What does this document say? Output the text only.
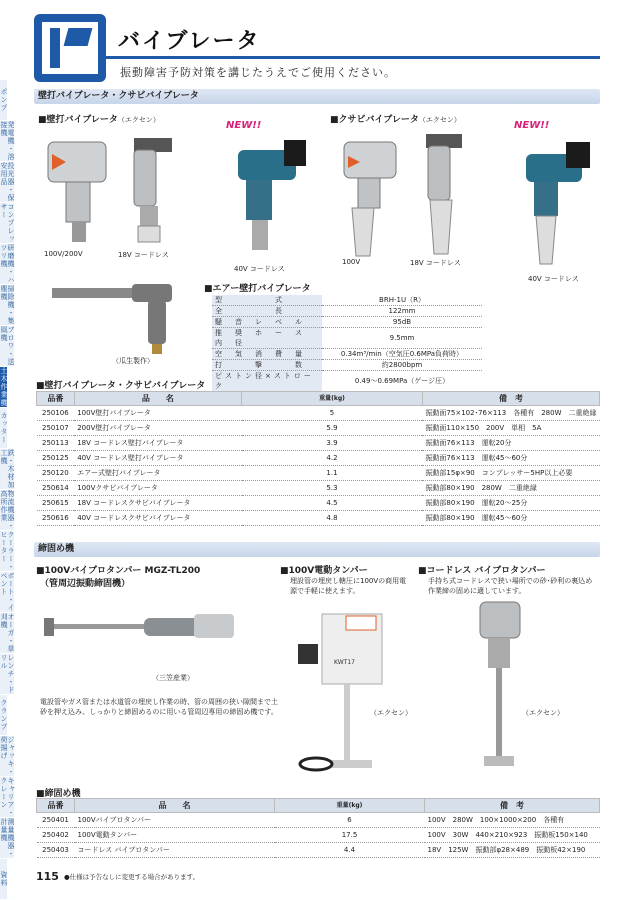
ポンプ
発電機・溶接機
投光器・保安用品
コンプレッサー
研磨機・ハツリ機
掃除機・集塵機
ブロワ・送風機
土木作業機
カッター
鉄・木材加工機
物流機器・高所作業
クーラー・ヒーター
ボート・イベント
オーガ・草刈機
レンチ・ドリル
クランプ
ジャッキ・荷揚げ
キャリア・クレーン
測量機器・計量機
資料
バイブレータ
振動障害予防対策を講じたうえでご使用ください。
壁打バイブレータ・クサビバイブレータ
■壁打バイブレータ（エクセン）	■クサビバイブレータ（エクセン）
NEW!!	NEW!!
100V/200V	18V コードレス
40V コードレス
100V	18V コードレス
40V コードレス
（瓜生製作）
■エアー壁打バイブレータ
型　　　　　式	BRH-1U（R）
全　　　　　長	122mm
騒　音　レ　ベ　ル	95dB
推　奨　ホ　ー　ス　内　径	9.5mm
空　気　消　費　量	0.34m³/min（空気圧0.6MPa負荷時）
打　　　撃　　　数	約2800bpm
ピストン径×ストローク	0.49〜0.69MPa（ゲージ圧）
■壁打バイブレータ・クサビバイブレータ
品番	品　　名	重量(kg)	備　考
250106	100V壁打バイブレータ	5	振動面75×102･76×113　各種有　280W　二重絶縁
250107	200V壁打バイブレータ	5.9	振動面110×150　200V　単相　5A
250113	18V コードレス壁打バイブレータ	3.9	振動面76×113　運転20分
250125	40V コードレス壁打バイブレータ	4.2	振動面76×113　運転45〜60分
250120	エアー式壁打バイブレータ	1.1	振動部15φ×90　コンプレッサー5HP以上必要
250614	100Vクサビバイブレータ	5.3	振動部80×190　280W　二重絶縁
250615	18V コードレスクサビバイブレータ	4.5	振動部80×190　運転20〜25分
250616	40V コードレスクサビバイブレータ	4.8	振動部80×190　運転45〜60分
締固め機
■100Vバイブロタンパー MGZ-TL200
（管周辺振動締固機）
（三笠産業）
電設管やガス管または水道管の埋戻し作業の時、管の周囲の狭い隙間まで土砂を押え込み、しっかりと締固めるのに用いる管周辺専用の締固め機です。
■100V電動タンパー
埋設管の埋戻し轄圧に100Vの商用電源で手軽に使えます。
KWT17
（エクセン）
■コードレス バイブロタンパー
手持ち式コードレスで狭い場所での砂･砂利の裏込め作業締の固めに適しています。
（エクセン）
■締固め機
品番	品　　名	重量(kg)	備　考
250401	100Vバイブロタンパー	6	100V　280W　100×1000×200　各種有
250402	100V電動タンパー	17.5	100V　30W　440×210×923　振動板150×140
250403	コードレス バイブロタンパー	4.4	18V　125W　振動部φ28×489　振動板42×190
115 ●仕様は予告なしに変更する場合があります。
